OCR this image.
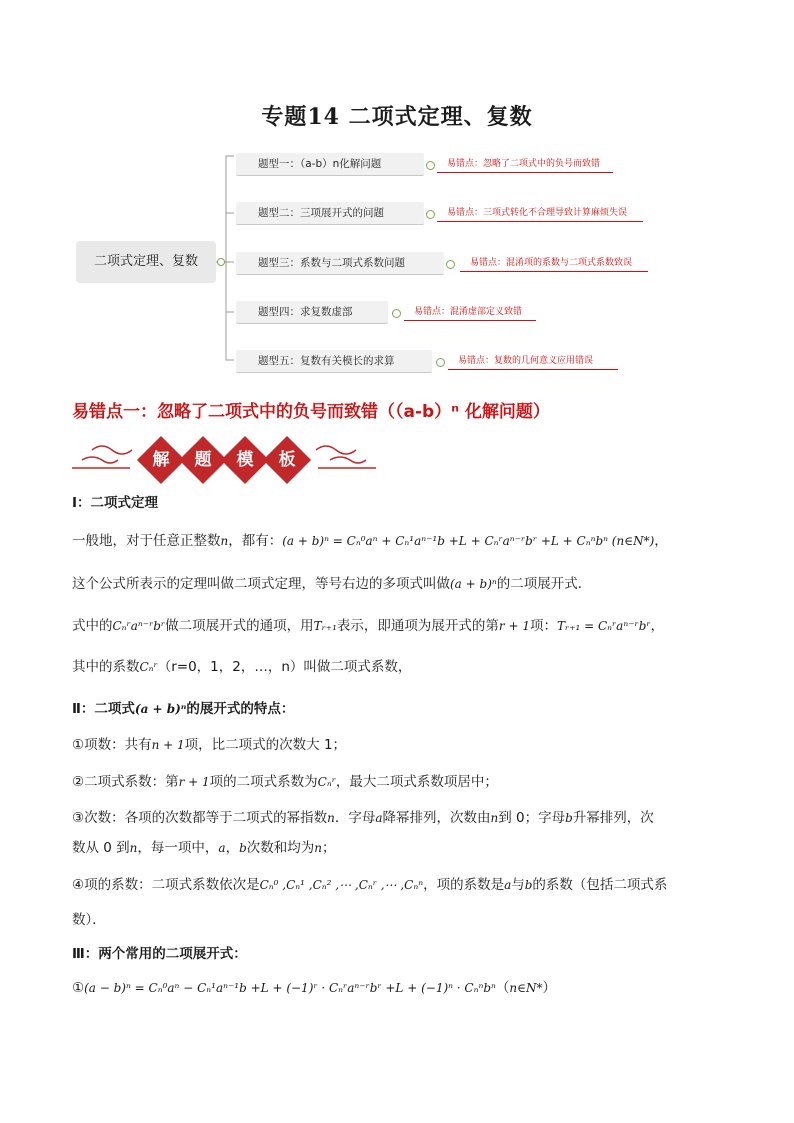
专题14 二项式定理、复数
二项式定理、复数
题型一：（a-b）n化解问题	易错点：忽略了二项式中的负号而致错
题型二：三项展开式的问题	易错点：三项式转化不合理导致计算麻烦失误
题型三：系数与二项式系数问题	易错点：混淆项的系数与二项式系数致误
题型四：求复数虚部	易错点：混淆虚部定义致错
题型五：复数有关模长的求算	易错点：复数的几何意义应用错误
易错点一：忽略了二项式中的负号而致错（（a-b）ⁿ 化解问题）
解	题	模	板
Ⅰ：二项式定理
一般地，对于任意正整数n，都有：(a + b)ⁿ = Cₙ⁰aⁿ + Cₙ¹aⁿ⁻¹b +L + Cₙʳaⁿ⁻ʳbʳ +L + Cₙⁿbⁿ (n∈N*)，
这个公式所表示的定理叫做二项式定理，等号右边的多项式叫做(a + b)ⁿ的二项展开式．
式中的Cₙʳaⁿ⁻ʳbʳ做二项展开式的通项，用Tᵣ₊₁表示，即通项为展开式的第r + 1项：Tᵣ₊₁ = Cₙʳaⁿ⁻ʳbʳ，
其中的系数Cₙʳ（r=0，1，2，…，n）叫做二项式系数，
Ⅱ：二项式(a + b)ⁿ的展开式的特点：
①项数：共有n + 1项，比二项式的次数大 1；
②二项式系数：第r + 1项的二项式系数为Cₙʳ，最大二项式系数项居中；
③次数：各项的次数都等于二项式的幂指数n．字母a降幂排列，次数由n到 0；字母b升幂排列，次
数从 0 到n，每一项中，a，b次数和均为n；
④项的系数：二项式系数依次是Cₙ⁰ ,Cₙ¹ ,Cₙ² ,⋯ ,Cₙʳ ,⋯ ,Cₙⁿ，项的系数是a与b的系数（包括二项式系
数）．
Ⅲ：两个常用的二项展开式：
①(a − b)ⁿ = Cₙ⁰aⁿ − Cₙ¹aⁿ⁻¹b +L + (−1)ʳ · Cₙʳaⁿ⁻ʳbʳ +L + (−1)ⁿ · Cₙⁿbⁿ（n∈N*）
